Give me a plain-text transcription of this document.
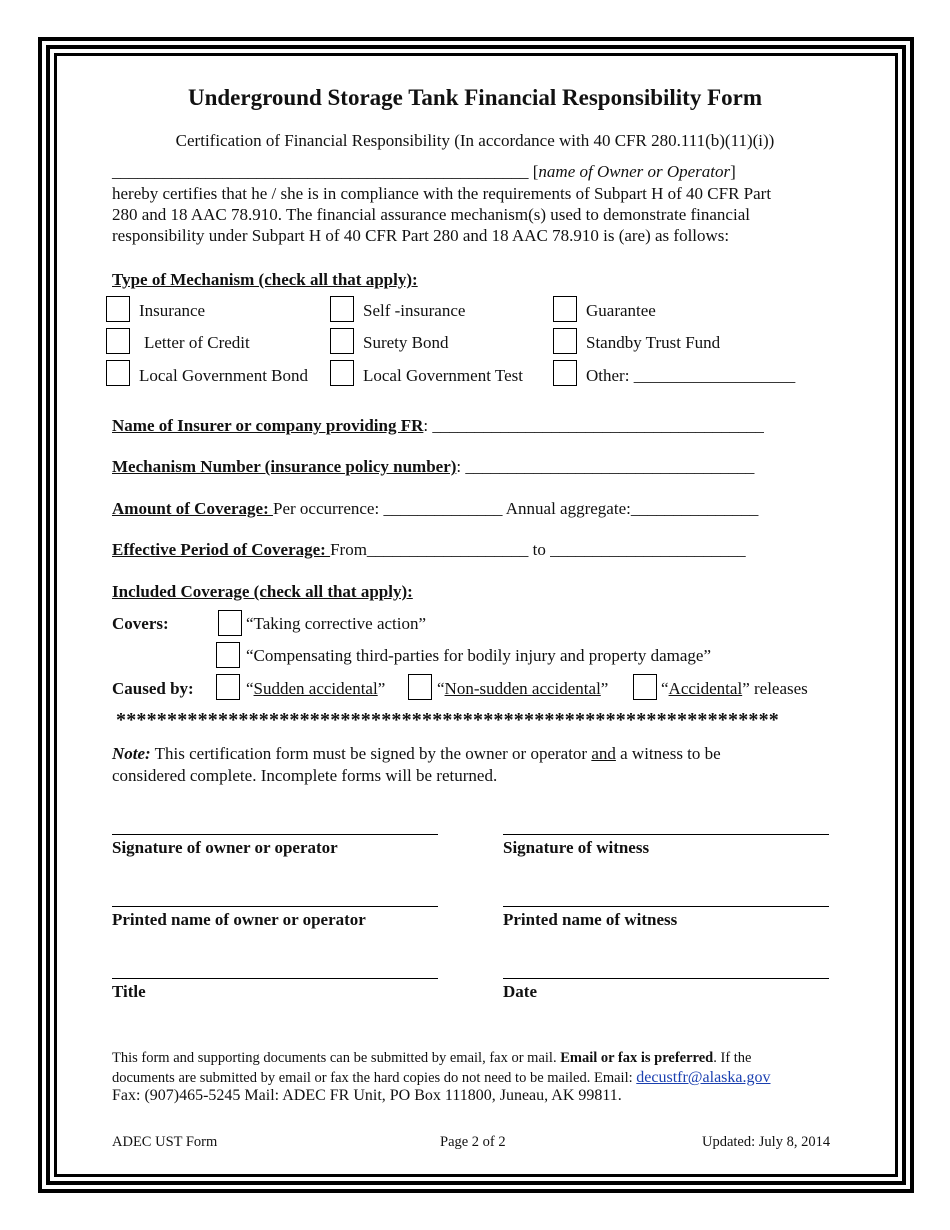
Underground Storage Tank Financial Responsibility Form
Certification of Financial Responsibility (In accordance with 40 CFR 280.111(b)(11)(i))
_________________________________________________ [name of Owner or Operator]
hereby certifies that he / she is in compliance with the requirements of Subpart H of 40 CFR Part
280 and 18 AAC 78.910. The financial assurance mechanism(s) used to demonstrate financial
responsibility under Subpart H of 40 CFR Part 280 and 18 AAC 78.910 is (are) as follows:
Type of Mechanism (check all that apply):
Insurance	Self -insurance	Guarantee
Letter of Credit	Surety Bond	Standby Trust Fund
Local Government Bond	Local Government Test	Other: ___________________
Name of Insurer or company providing FR: _______________________________________
Mechanism Number (insurance policy number): __________________________________
Amount of Coverage: Per occurrence: ______________ Annual aggregate:_______________
Effective Period of Coverage: From___________________ to _______________________
Included Coverage (check all that apply):
Covers:	“Taking corrective action”
“Compensating third-parties for bodily injury and property damage”
Caused by:	“Sudden accidental”	“Non-sudden accidental”	“Accidental” releases
*****************************************************************
Note: This certification form must be signed by the owner or operator and a witness to be
considered complete. Incomplete forms will be returned.
Signature of owner or operator	Signature of witness
Printed name of owner or operator	Printed name of witness
Title	Date
This form and supporting documents can be submitted by email, fax or mail. Email or fax is preferred. If the
documents are submitted by email or fax the hard copies do not need to be mailed. Email: decustfr@alaska.gov
Fax: (907)465-5245 Mail: ADEC FR Unit, PO Box 111800, Juneau, AK 99811.
ADEC UST Form	Page 2 of 2	Updated: July 8, 2014
